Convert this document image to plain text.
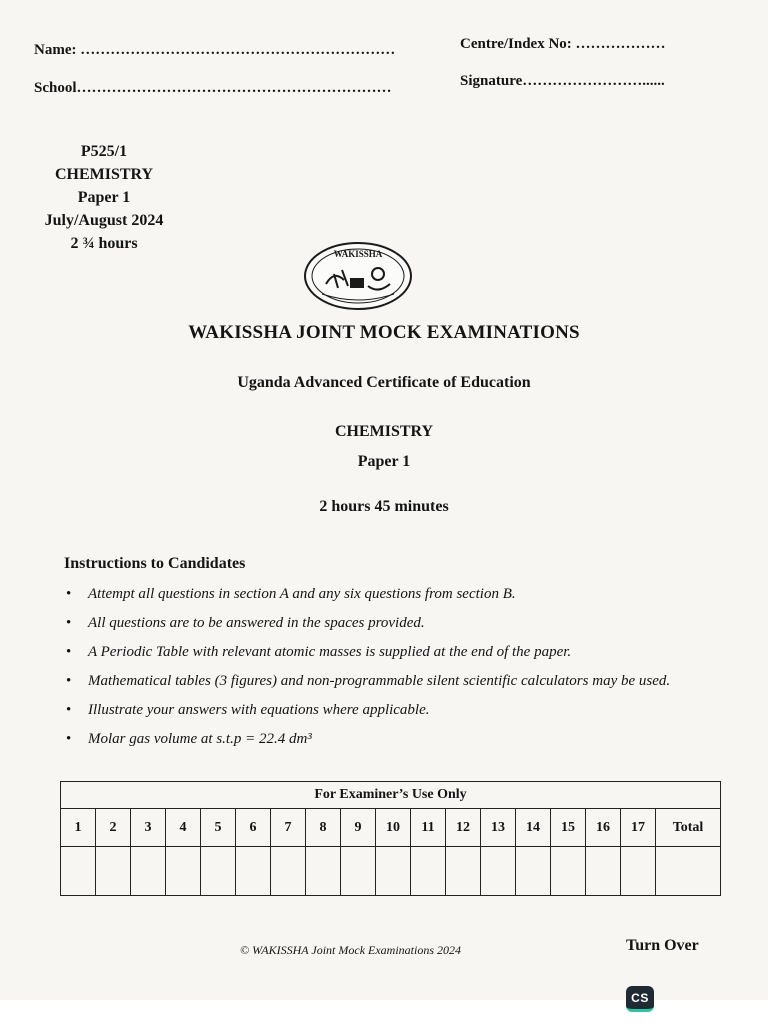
Name: ………………………………………………………
School………………………………………………………
Centre/Index No: ………………
Signature……………………......
P525/1
CHEMISTRY
Paper 1
July/August 2024
2 ¾ hours
WAKISSHA
WAKISSHA JOINT MOCK EXAMINATIONS
Uganda Advanced Certificate of Education
CHEMISTRY
Paper 1
2 hours 45 minutes
Instructions to Candidates
• Attempt all questions in section A and any six questions from section B.
• All questions are to be answered in the spaces provided.
• A Periodic Table with relevant atomic masses is supplied at the end of the paper.
• Mathematical tables (3 figures) and non-programmable silent scientific calculators may be used.
• Illustrate your answers with equations where applicable.
• Molar gas volume at s.t.p = 22.4 dm³
For Examiner’s Use Only																	
1	2	3	4	5	6	7	8	9	10	11	12	13	14	15	16	17	Total

© WAKISSHA Joint Mock Examinations 2024	Turn Over
CS
